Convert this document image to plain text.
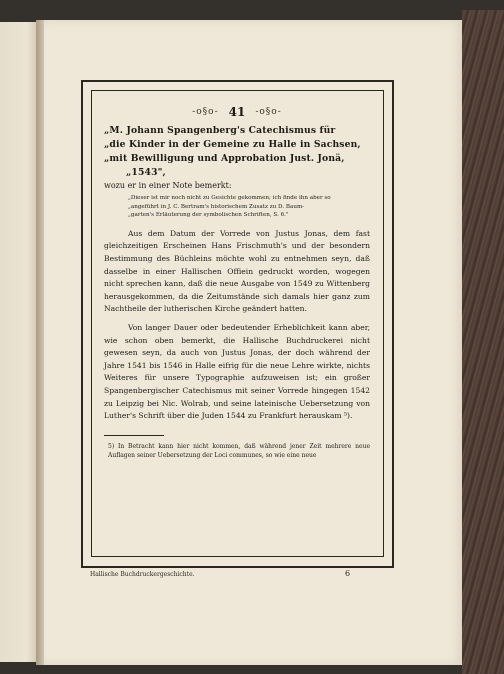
-o§o- 41 -o§o-
„M. Johann Spangenberg's Catechismus für
„die Kinder in der Gemeine zu Halle in Sachsen,
„mit Bewilligung und Approbation Just. Jonä,
„1543",
wozu er in einer Note bemerkt:
„Dieser ist mir noch nicht zu Gesichte gekommen; ich finde ihn aber so
„angeführt in J. C. Bertram's historischem Zusatz zu D. Baum-
„garten's Erläuterung der symbolischen Schriften, S. 6."

Aus dem Datum der Vorrede von Justus Jonas, dem fast gleichzeitigen Erscheinen Hans Frischmuth's und der besondern Bestimmung des Büchleins möchte wohl zu entnehmen seyn, daß dasselbe in einer Hallischen Offiein gedruckt worden, wogegen nicht sprechen kann, daß die neue Ausgabe von 1549 zu Wittenberg herausgekommen, da die Zeitumstände sich damals hier ganz zum Nachtheile der lutherischen Kirche geändert hatten.

Von langer Dauer oder bedeutender Erheblichkeit kann aber, wie schon oben bemerkt, die Hallische Buchdruckerei nicht gewesen seyn, da auch von Justus Jonas, der doch während der Jahre 1541 bis 1546 in Halle eifrig für die neue Lehre wirkte, nichts Weiteres für unsere Typographie aufzuweisen ist; ein großer Spangenbergischer Catechismus mit seiner Vorrede hingegen 1542 zu Leipzig bei Nic. Wolrab, und seine lateinische Uebersetzung von Luther's Schrift über die Juden 1544 zu Frankfurt herauskam ⁵).

5) In Betracht kann hier nicht kommen, daß während jener Zeit mehrere neue Auflagen seiner Uebersetzung der Loci communes, so wie eine neue
Hallische Buchdruckergeschichte.	6
